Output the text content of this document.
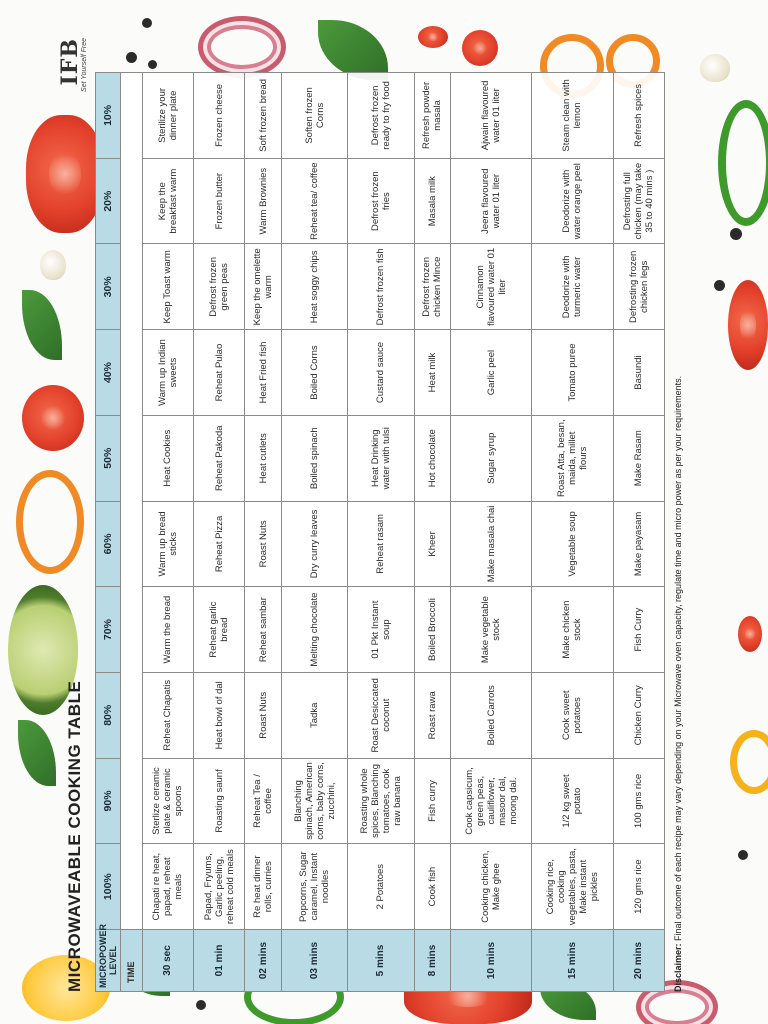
MICROWAVEABLE COOKING TABLE
IFB
Set Yourself Free
MICROPOWER LEVEL	100%	90%	80%	70%	60%	50%	40%	30%	20%	10%
TIME										
30 sec	Chapati re heat, papad, reheat meals	Sterlize ceramic plate & ceramic spoons	Reheat Chapatis	Warm the bread	Warm up bread sticks	Heat Cookies	Warm up Indian sweets	Keep Toast warm	Keep the breakfast warm	Sterilize your dinner plate
01 min	Papad, Fryums, Garlic peeling, reheat cold meals	Roasting saunf	Heat bowl of dal	Reheat garlic bread	Reheat Pizza	Reheat Pakoda	Reheat Pulao	Defrost frozen green peas	Frozen butter	Frozen cheese
02 mins	Re heat dinner rolls, curries	Reheat Tea / coffee	Roast Nuts	Reheat sambar	Roast Nuts	Heat cutlets	Heat Fried fish	Keep the omelette warm	Warm Brownies	Soft frozen bread
03 mins	Popcorns, Sugar caramel, Instant noodles	Blanching spinach, American corns, baby corns, zucchini,	Tadka	Melting chocolate	Dry curry leaves	Boiled spinach	Boiled Corns	Heat soggy chips	Reheat tea/ coffee	Soften frozen Corns
5 mins	2 Potatoes	Roasting whole spices, Blanching tomatoes, cook raw banana	Roast Desiccated coconut	01 Pkt Instant soup	Reheat rasam	Heat Drinking water with tulsi	Custard sauce	Defrost frozen fish	Defrost frozen fries	Defrost frozen ready to fry food
8 mins	Cook fish	Fish curry	Roast rawa	Boiled Broccoli	Kheer	Hot chocolate	Heat milk	Defrost frozen chicken Mince	Masala milk	Refresh powder masala
10 mins	Cooking chicken, Make ghee	Cook capsicum, green peas, cauliflower, masoor dal, moong dal.	Boiled Carrots	Make vegetable stock	Make masala chai	Sugar syrup	Garlic peel	Cinnamon flavoured water 01 liter	Jeera flavoured water 01 liter	Ajwain flavoured water 01 liter
15 mins	Cooking rice, cooking vegetables, pasta, Make instant pickles	1/2 kg sweet potato	Cook sweet potatoes	Make chicken stock	Vegetable soup	Roast Atta, besan, maida, millet flours	Tomato puree	Deodorize with turmeric water	Deodorize with water orange peel	Steam clean with lemon
20 mins	120 gms rice	100 gms rice	Chicken Curry	Fish Curry	Make payasam	Make Rasam	Basundi	Defrosting frozen chicken legs	Defrosting full chicken (may take 35 to 40 mins )	Refresh spices
Disclaimer: Final outcome of each recipe may vary depending on your Microwave oven capacity, regulate time and micro power as per your requirements.
